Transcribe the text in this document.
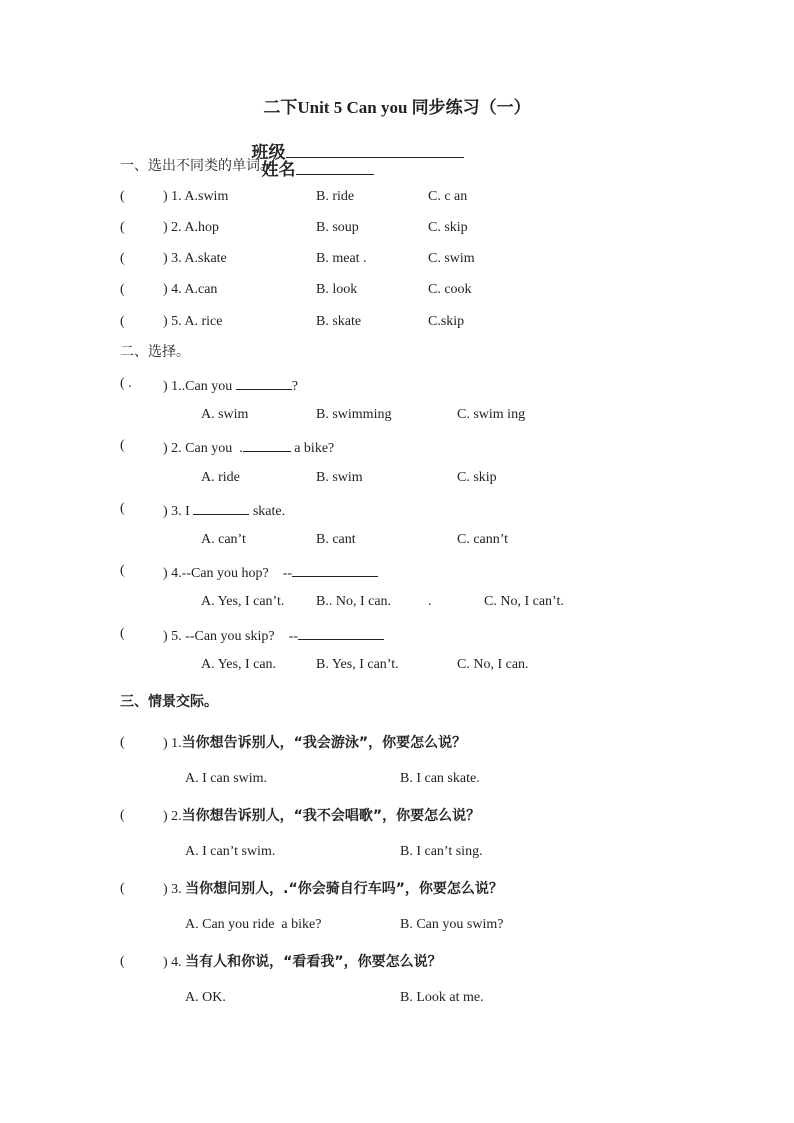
二下Unit 5 Can you 同步练习（一）

班级
姓名

一、选出不同类的单词。
(	) 1. A.swim	B. ride	C. c an
(	) 2. A.hop	B. soup	C. skip
(	) 3. A.skate	B. meat .	C. swim
(	) 4. A.can	B. look	C. cook
(	) 5. A. rice	B. skate	C.skip
二、选择。
( . ) 1..Can you	?
A. swim	B. swimming	C. swim ing
(	) 2. Can you  .	a bike?
A. ride	B. swim	C. skip
(	) 3. I	skate.
A. can’t	B. cant	C. cann’t
(	) 4.--Can you hop?    --
A. Yes, I can’t. B.. No, I can.	.	C. No, I can’t.
(	) 5. --Can you skip?    --
A. Yes, I can.	B. Yes, I can’t.	C. No, I can.
三、情景交际。
(	) 1.当你想告诉别人，“我会游泳”，你要怎么说？
A. I can swim.	B. I can skate.
(	) 2.当你想告诉别人，“我不会唱歌”，你要怎么说？
A. I can’t swim.	B. I can’t sing.
(	) 3. 当你想问别人，.“你会骑自行车吗”，你要怎么说？
A. Can you ride  a bike?	B. Can you swim?
(	) 4. 当有人和你说，“看看我”，你要怎么说？
A. OK.	B. Look at me.
